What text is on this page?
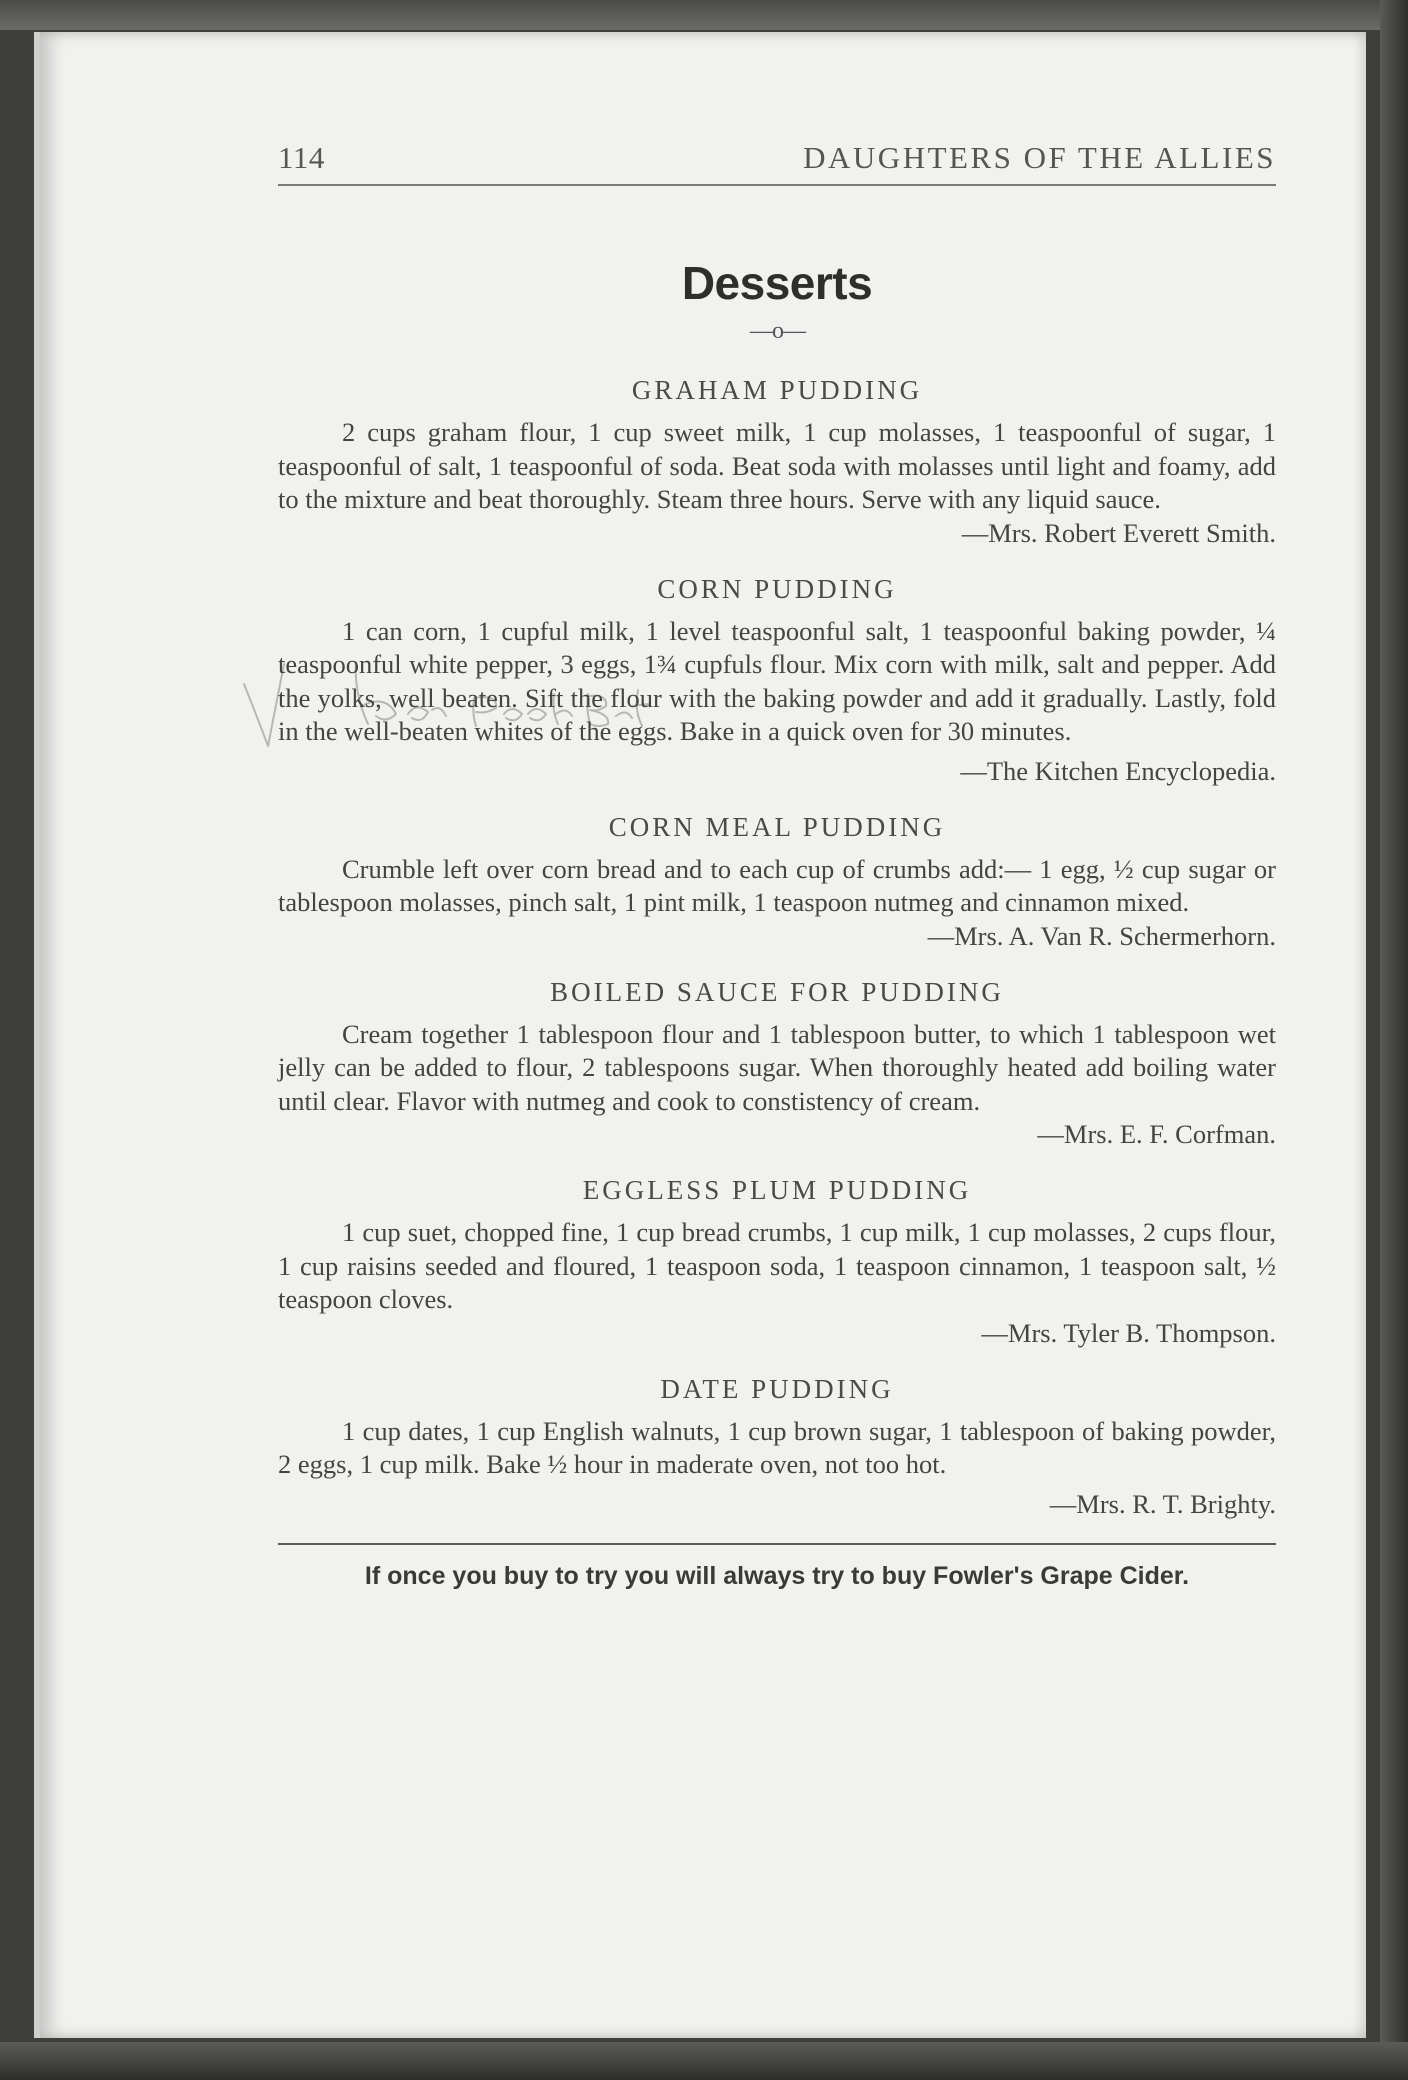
114	DAUGHTERS OF THE ALLIES
Desserts
—o—
GRAHAM PUDDING

2 cups graham flour, 1 cup sweet milk, 1 cup molasses, 1 teaspoonful of sugar, 1 teaspoonful of salt, 1 teaspoonful of soda. Beat soda with molasses until light and foamy, add to the mixture and beat thoroughly. Steam three hours. Serve with any liquid sauce.

—Mrs. Robert Everett Smith.
CORN PUDDING

1 can corn, 1 cupful milk, 1 level teaspoonful salt, 1 teaspoonful baking powder, ¼ teaspoonful white pepper, 3 eggs, 1¾ cupfuls flour. Mix corn with milk, salt and pepper. Add the yolks, well beaten. Sift the flour with the baking powder and add it gradually. Lastly, fold in the well-beaten whites of the eggs. Bake in a quick oven for 30 minutes.

—The Kitchen Encyclopedia.
CORN MEAL PUDDING

Crumble left over corn bread and to each cup of crumbs add:— 1 egg, ½ cup sugar or tablespoon molasses, pinch salt, 1 pint milk, 1 teaspoon nutmeg and cinnamon mixed.

—Mrs. A. Van R. Schermerhorn.
BOILED SAUCE FOR PUDDING

Cream together 1 tablespoon flour and 1 tablespoon butter, to which 1 tablespoon wet jelly can be added to flour, 2 tablespoons sugar. When thoroughly heated add boiling water until clear. Flavor with nutmeg and cook to constistency of cream.

—Mrs. E. F. Corfman.
EGGLESS PLUM PUDDING

1 cup suet, chopped fine, 1 cup bread crumbs, 1 cup milk, 1 cup molasses, 2 cups flour, 1 cup raisins seeded and floured, 1 teaspoon soda, 1 teaspoon cinnamon, 1 teaspoon salt, ½ teaspoon cloves.

—Mrs. Tyler B. Thompson.
DATE PUDDING

1 cup dates, 1 cup English walnuts, 1 cup brown sugar, 1 tablespoon of baking powder, 2 eggs, 1 cup milk. Bake ½ hour in maderate oven, not too hot.

—Mrs. R. T. Brighty.
If once you buy to try you will always try to buy Fowler's Grape Cider.
